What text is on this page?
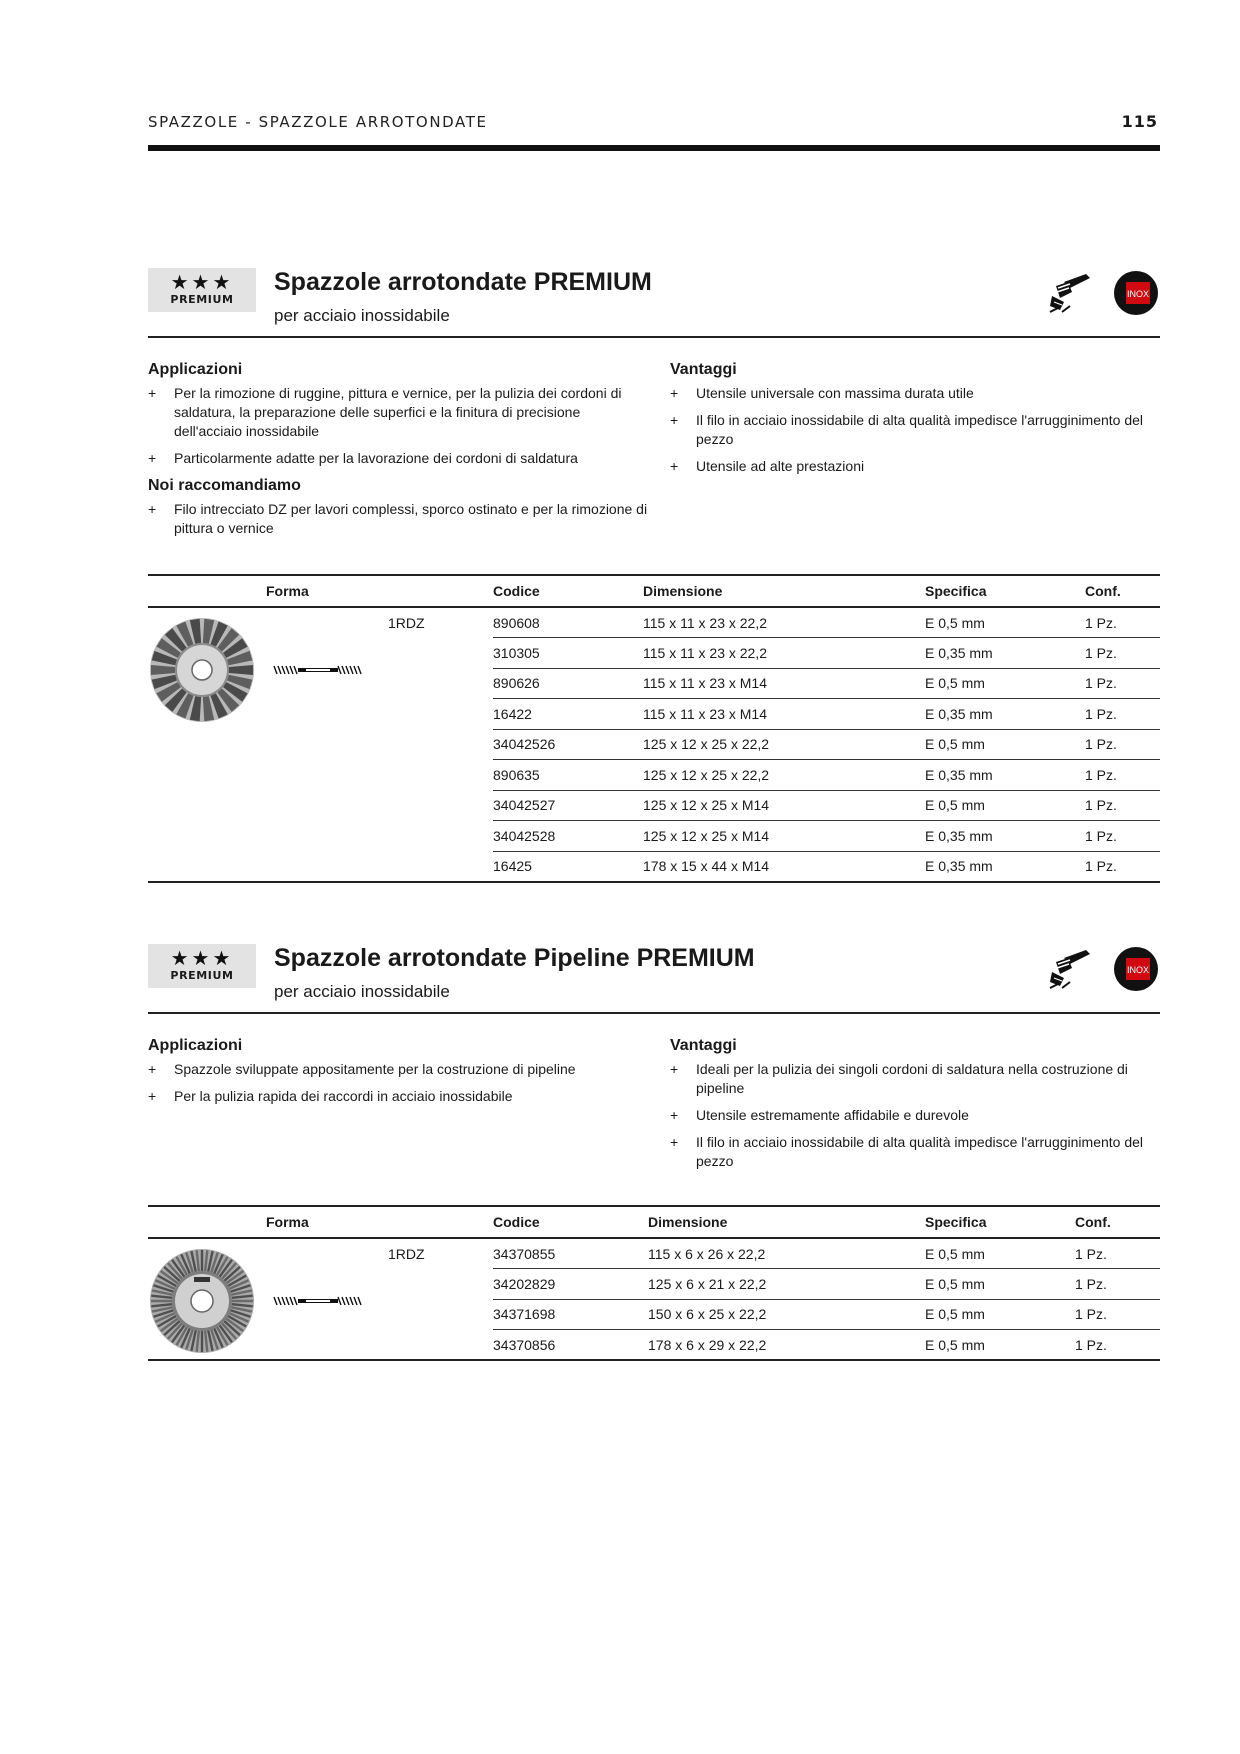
SPAZZOLE - SPAZZOLE ARROTONDATE	115
★★★
PREMIUM
Spazzole arrotondate PREMIUM
per acciaio inossidabile
INOX
Applicazioni
+ Per la rimozione di ruggine, pittura e vernice, per la pulizia dei cordoni di saldatura, la preparazione delle superfici e la finitura di precisione dell'acciaio inossidabile
+ Particolarmente adatte per la lavorazione dei cordoni di saldatura
Noi raccomandiamo
+ Filo intrecciato DZ per lavori complessi, sporco ostinato e per la rimozione di pittura o vernice
Vantaggi
+ Utensile universale con massima durata utile
+ Il filo in acciaio inossidabile di alta qualità impedisce l'arrugginimento del pezzo
+ Utensile ad alte prestazioni
Forma		Codice	Dimensione	Specifica	Conf.

	1RDZ	890608	115 x 11 x 23 x 22,2	E 0,5 mm	1 Pz.
		310305	115 x 11 x 23 x 22,2	E 0,35 mm	1 Pz.
		890626	115 x 11 x 23 x M14	E 0,5 mm	1 Pz.
		16422	115 x 11 x 23 x M14	E 0,35 mm	1 Pz.
		34042526	125 x 12 x 25 x 22,2	E 0,5 mm	1 Pz.
		890635	125 x 12 x 25 x 22,2	E 0,35 mm	1 Pz.
		34042527	125 x 12 x 25 x M14	E 0,5 mm	1 Pz.
		34042528	125 x 12 x 25 x M14	E 0,35 mm	1 Pz.
		16425	178 x 15 x 44 x M14	E 0,35 mm	1 Pz.
★★★
PREMIUM
Spazzole arrotondate Pipeline PREMIUM
per acciaio inossidabile
INOX
Applicazioni
+ Spazzole sviluppate appositamente per la costruzione di pipeline
+ Per la pulizia rapida dei raccordi in acciaio inossidabile
Vantaggi
+ Ideali per la pulizia dei singoli cordoni di saldatura nella costruzione di pipeline
+ Utensile estremamente affidabile e durevole
+ Il filo in acciaio inossidabile di alta qualità impedisce l'arrugginimento del pezzo
Forma		Codice	Dimensione	Specifica	Conf.

	1RDZ	34370855	115 x 6 x 26 x 22,2	E 0,5 mm	1 Pz.
		34202829	125 x 6 x 21 x 22,2	E 0,5 mm	1 Pz.
		34371698	150 x 6 x 25 x 22,2	E 0,5 mm	1 Pz.
		34370856	178 x 6 x 29 x 22,2	E 0,5 mm	1 Pz.
